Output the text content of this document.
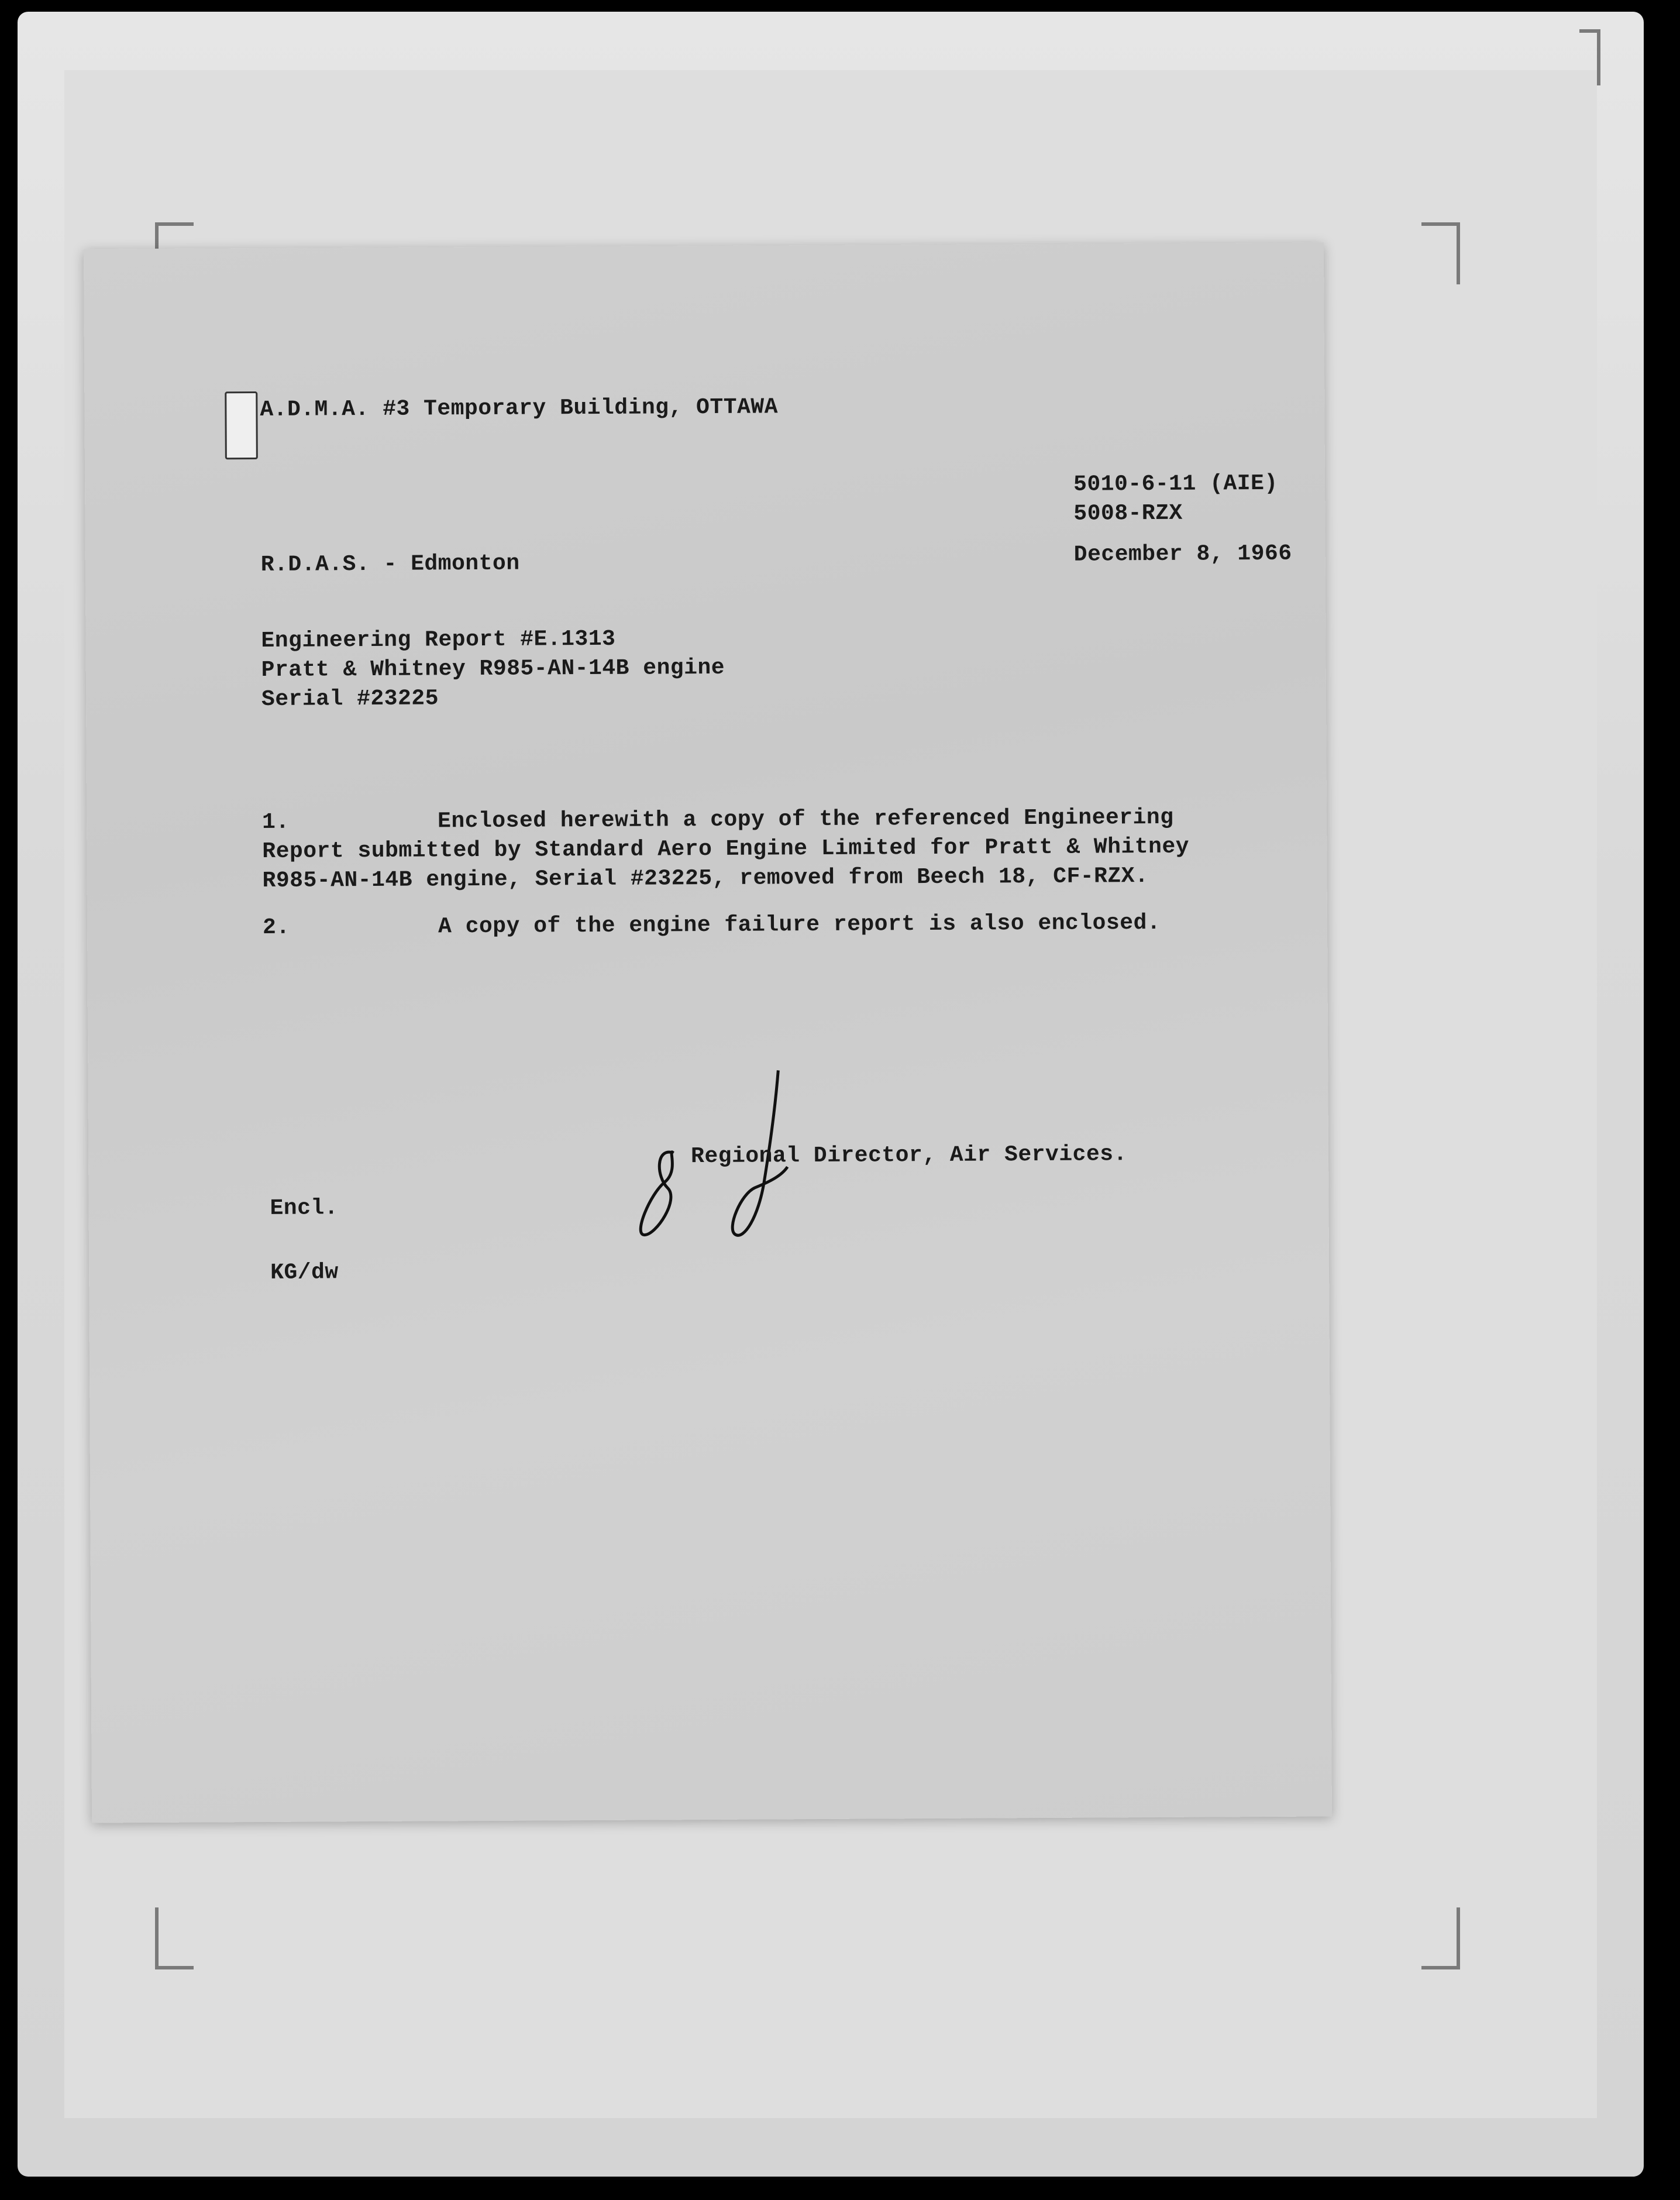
A.D.M.A. #3 Temporary Building, OTTAWA
5010-6-11 (AIE)
5008-RZX
R.D.A.S. - Edmonton	December 8, 1966
Engineering Report #E.1313
Pratt & Whitney R985-AN-14B engine
Serial #23225
1.	Enclosed herewith a copy of the referenced Engineering
Report submitted by Standard Aero Engine Limited for Pratt & Whitney
R985-AN-14B engine, Serial #23225, removed from Beech 18, CF-RZX.
2.	A copy of the engine failure report is also enclosed.
Regional Director, Air Services.
Encl.
KG/dw
